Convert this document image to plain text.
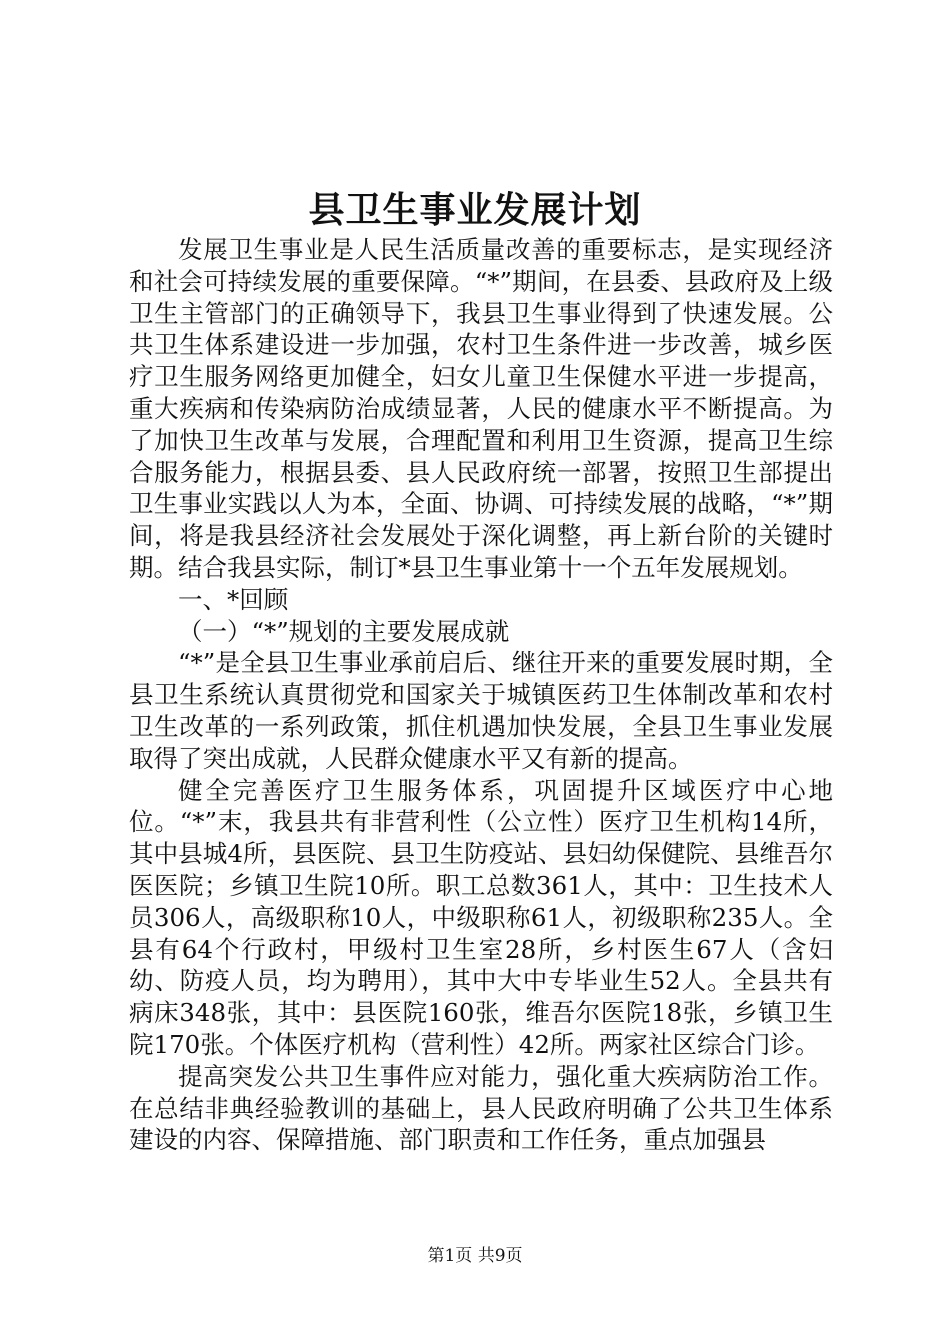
县卫生事业发展计划

发展卫生事业是人民生活质量改善的重要标志，是实现经济和社会可持续发展的重要保障。“*”期间，在县委、县政府及上级卫生主管部门的正确领导下，我县卫生事业得到了快速发展。公共卫生体系建设进一步加强，农村卫生条件进一步改善，城乡医疗卫生服务网络更加健全，妇女儿童卫生保健水平进一步提高，重大疾病和传染病防治成绩显著，人民的健康水平不断提高。为了加快卫生改革与发展，合理配置和利用卫生资源，提高卫生综合服务能力，根据县委、县人民政府统一部署，按照卫生部提出卫生事业实践以人为本，全面、协调、可持续发展的战略，“*”期间，将是我县经济社会发展处于深化调整，再上新台阶的关键时期。结合我县实际，制订*县卫生事业第十一个五年发展规划。

一、*回顾

（一）“*”规划的主要发展成就

“*”是全县卫生事业承前启后、继往开来的重要发展时期，全县卫生系统认真贯彻党和国家关于城镇医药卫生体制改革和农村卫生改革的一系列政策，抓住机遇加快发展，全县卫生事业发展取得了突出成就，人民群众健康水平又有新的提高。

健全完善医疗卫生服务体系，巩固提升区域医疗中心地位。“*”末，我县共有非营利性（公立性）医疗卫生机构14所，其中县城4所，县医院、县卫生防疫站、县妇幼保健院、县维吾尔医医院；乡镇卫生院10所。职工总数361人，其中：卫生技术人员306人，高级职称10人，中级职称61人，初级职称235人。全县有64个行政村，甲级村卫生室28所，乡村医生67人（含妇幼、防疫人员，均为聘用），其中大中专毕业生52人。全县共有病床348张，其中：县医院160张，维吾尔医院18张，乡镇卫生院170张。个体医疗机构（营利性）42所。两家社区综合门诊。

提高突发公共卫生事件应对能力，强化重大疾病防治工作。在总结非典经验教训的基础上，县人民政府明确了公共卫生体系建设的内容、保障措施、部门职责和工作任务，重点加强县

第1页 共9页
